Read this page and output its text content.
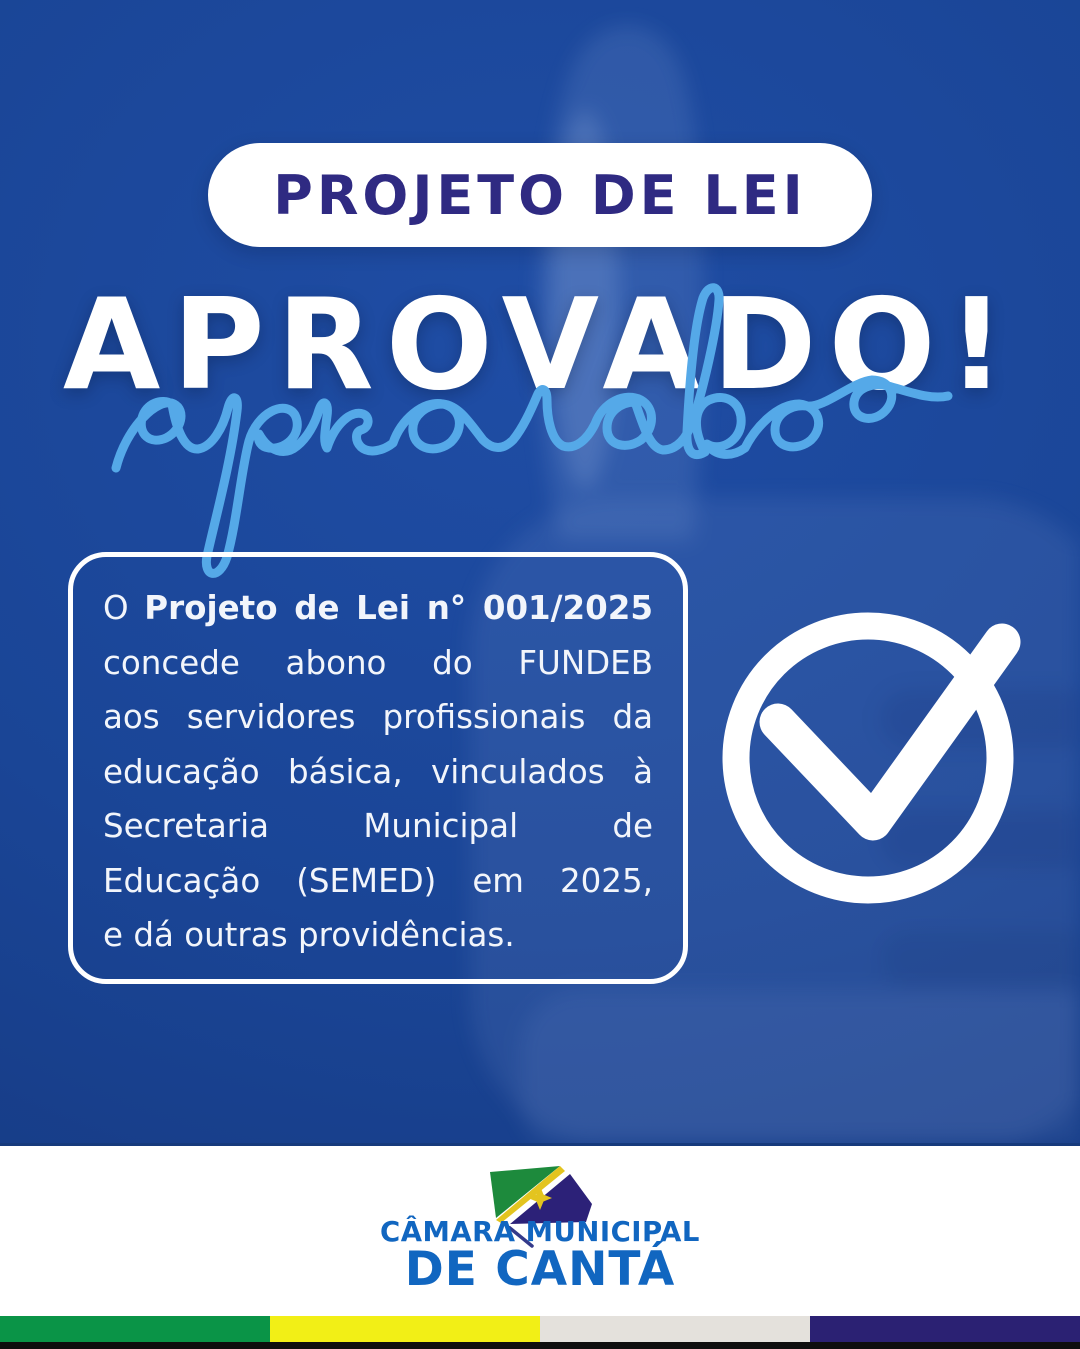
PROJETO DE LEI
APROVADO!
O Projeto de Lei n° 001/2025
concede abono do FUNDEB
aos servidores profissionais da
educação básica, vinculados à
Secretaria Municipal de
Educação (SEMED) em 2025,
e dá outras providências.
CÂMARA MUNICIPAL
DE CANTÁ
